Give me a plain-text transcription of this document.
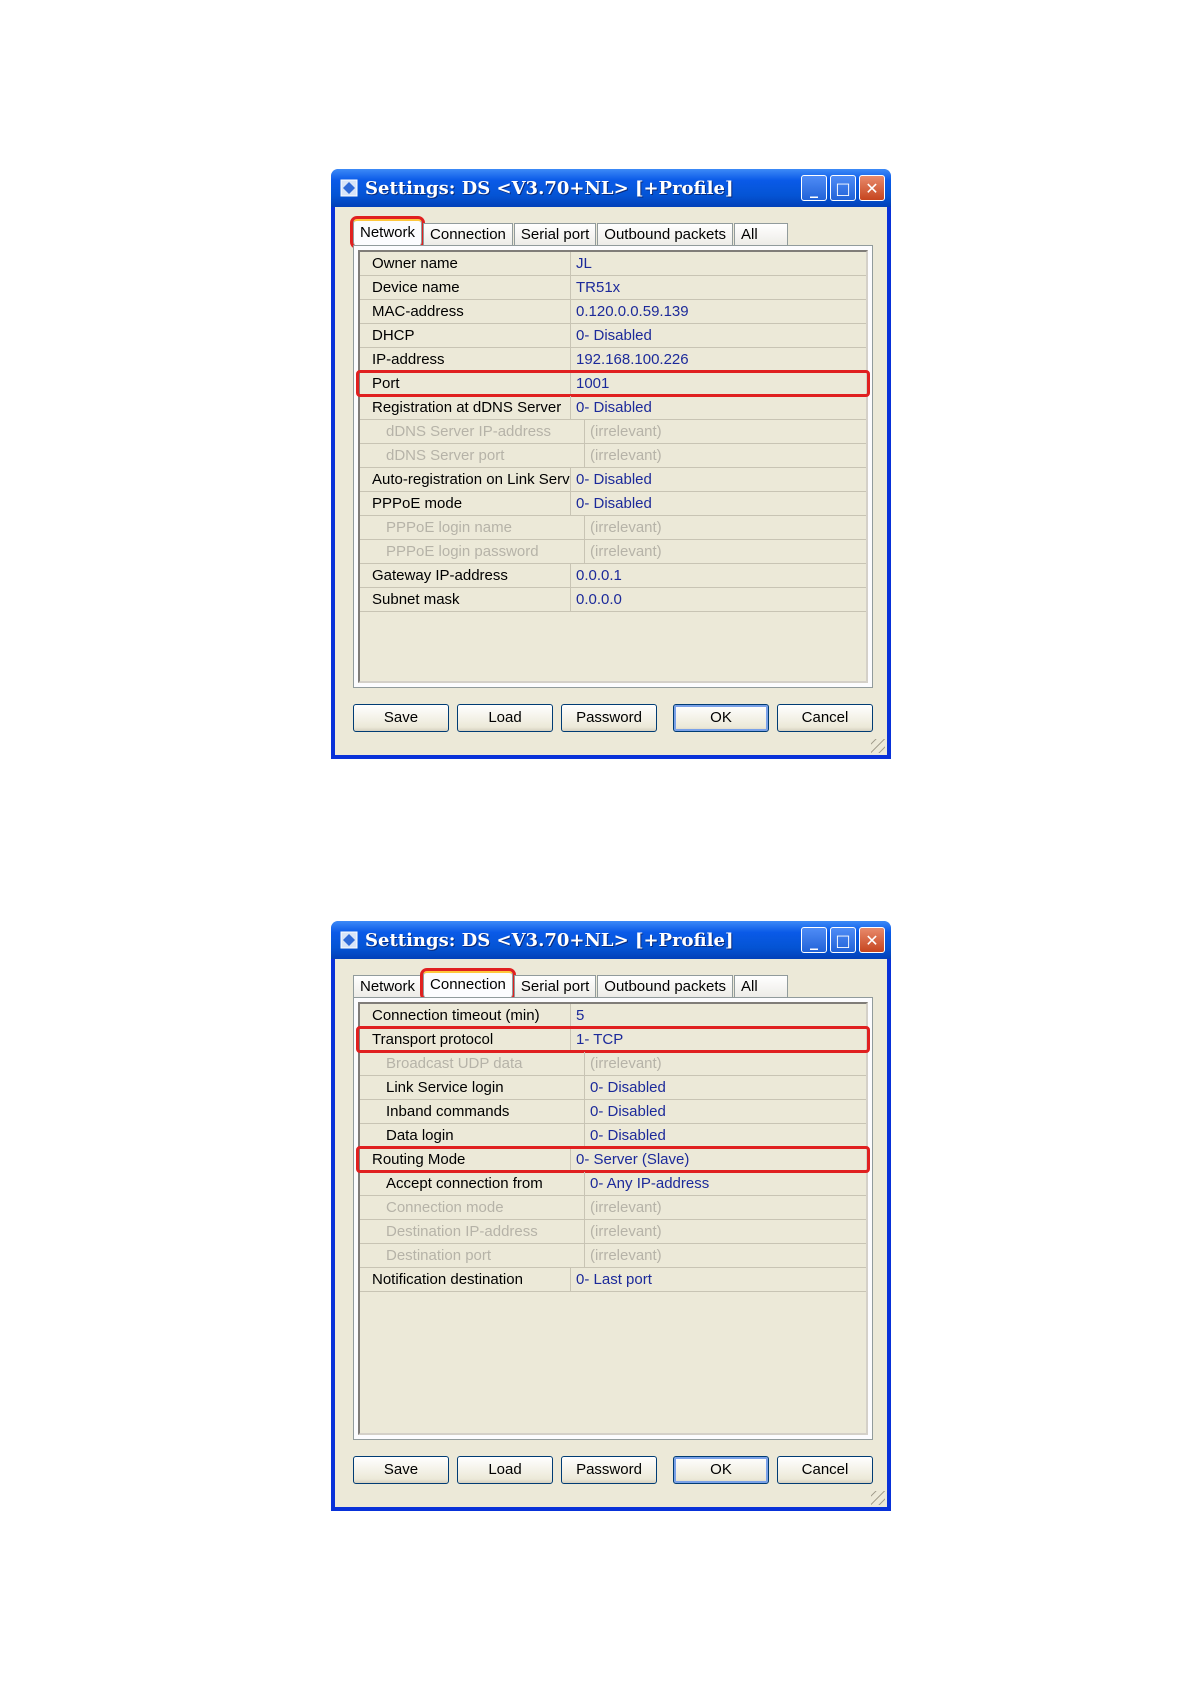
Settings: DS <V3.70+NL> [+Profile]	_	□ ✕
Network	Connection	Serial port	Outbound packets	All
Owner name	JL
Device name	TR51x
MAC-address	0.120.0.0.59.139
DHCP	0- Disabled
IP-address	192.168.100.226
Port	1001
Registration at dDNS Server 0- Disabled
dDNS Server IP-address	(irrelevant)
dDNS Server port	(irrelevant)
Auto-registration on Link Serv 0- Disabled
PPPoE mode	0- Disabled
PPPoE login name	(irrelevant)
PPPoE login password	(irrelevant)
Gateway IP-address	0.0.0.1
Subnet mask	0.0.0.0
Save	Load	Password	OK	Cancel
Settings: DS <V3.70+NL> [+Profile]	_	□ ✕
Network	Connection	Serial port	Outbound packets	All
Connection timeout (min)	5
Transport protocol	1- TCP
Broadcast UDP data	(irrelevant)
Link Service login	0- Disabled
Inband commands	0- Disabled
Data login	0- Disabled
Routing Mode	0- Server (Slave)
Accept connection from	0- Any IP-address
Connection mode	(irrelevant)
Destination IP-address	(irrelevant)
Destination port	(irrelevant)
Notification destination	0- Last port
Save	Load	Password	OK	Cancel
